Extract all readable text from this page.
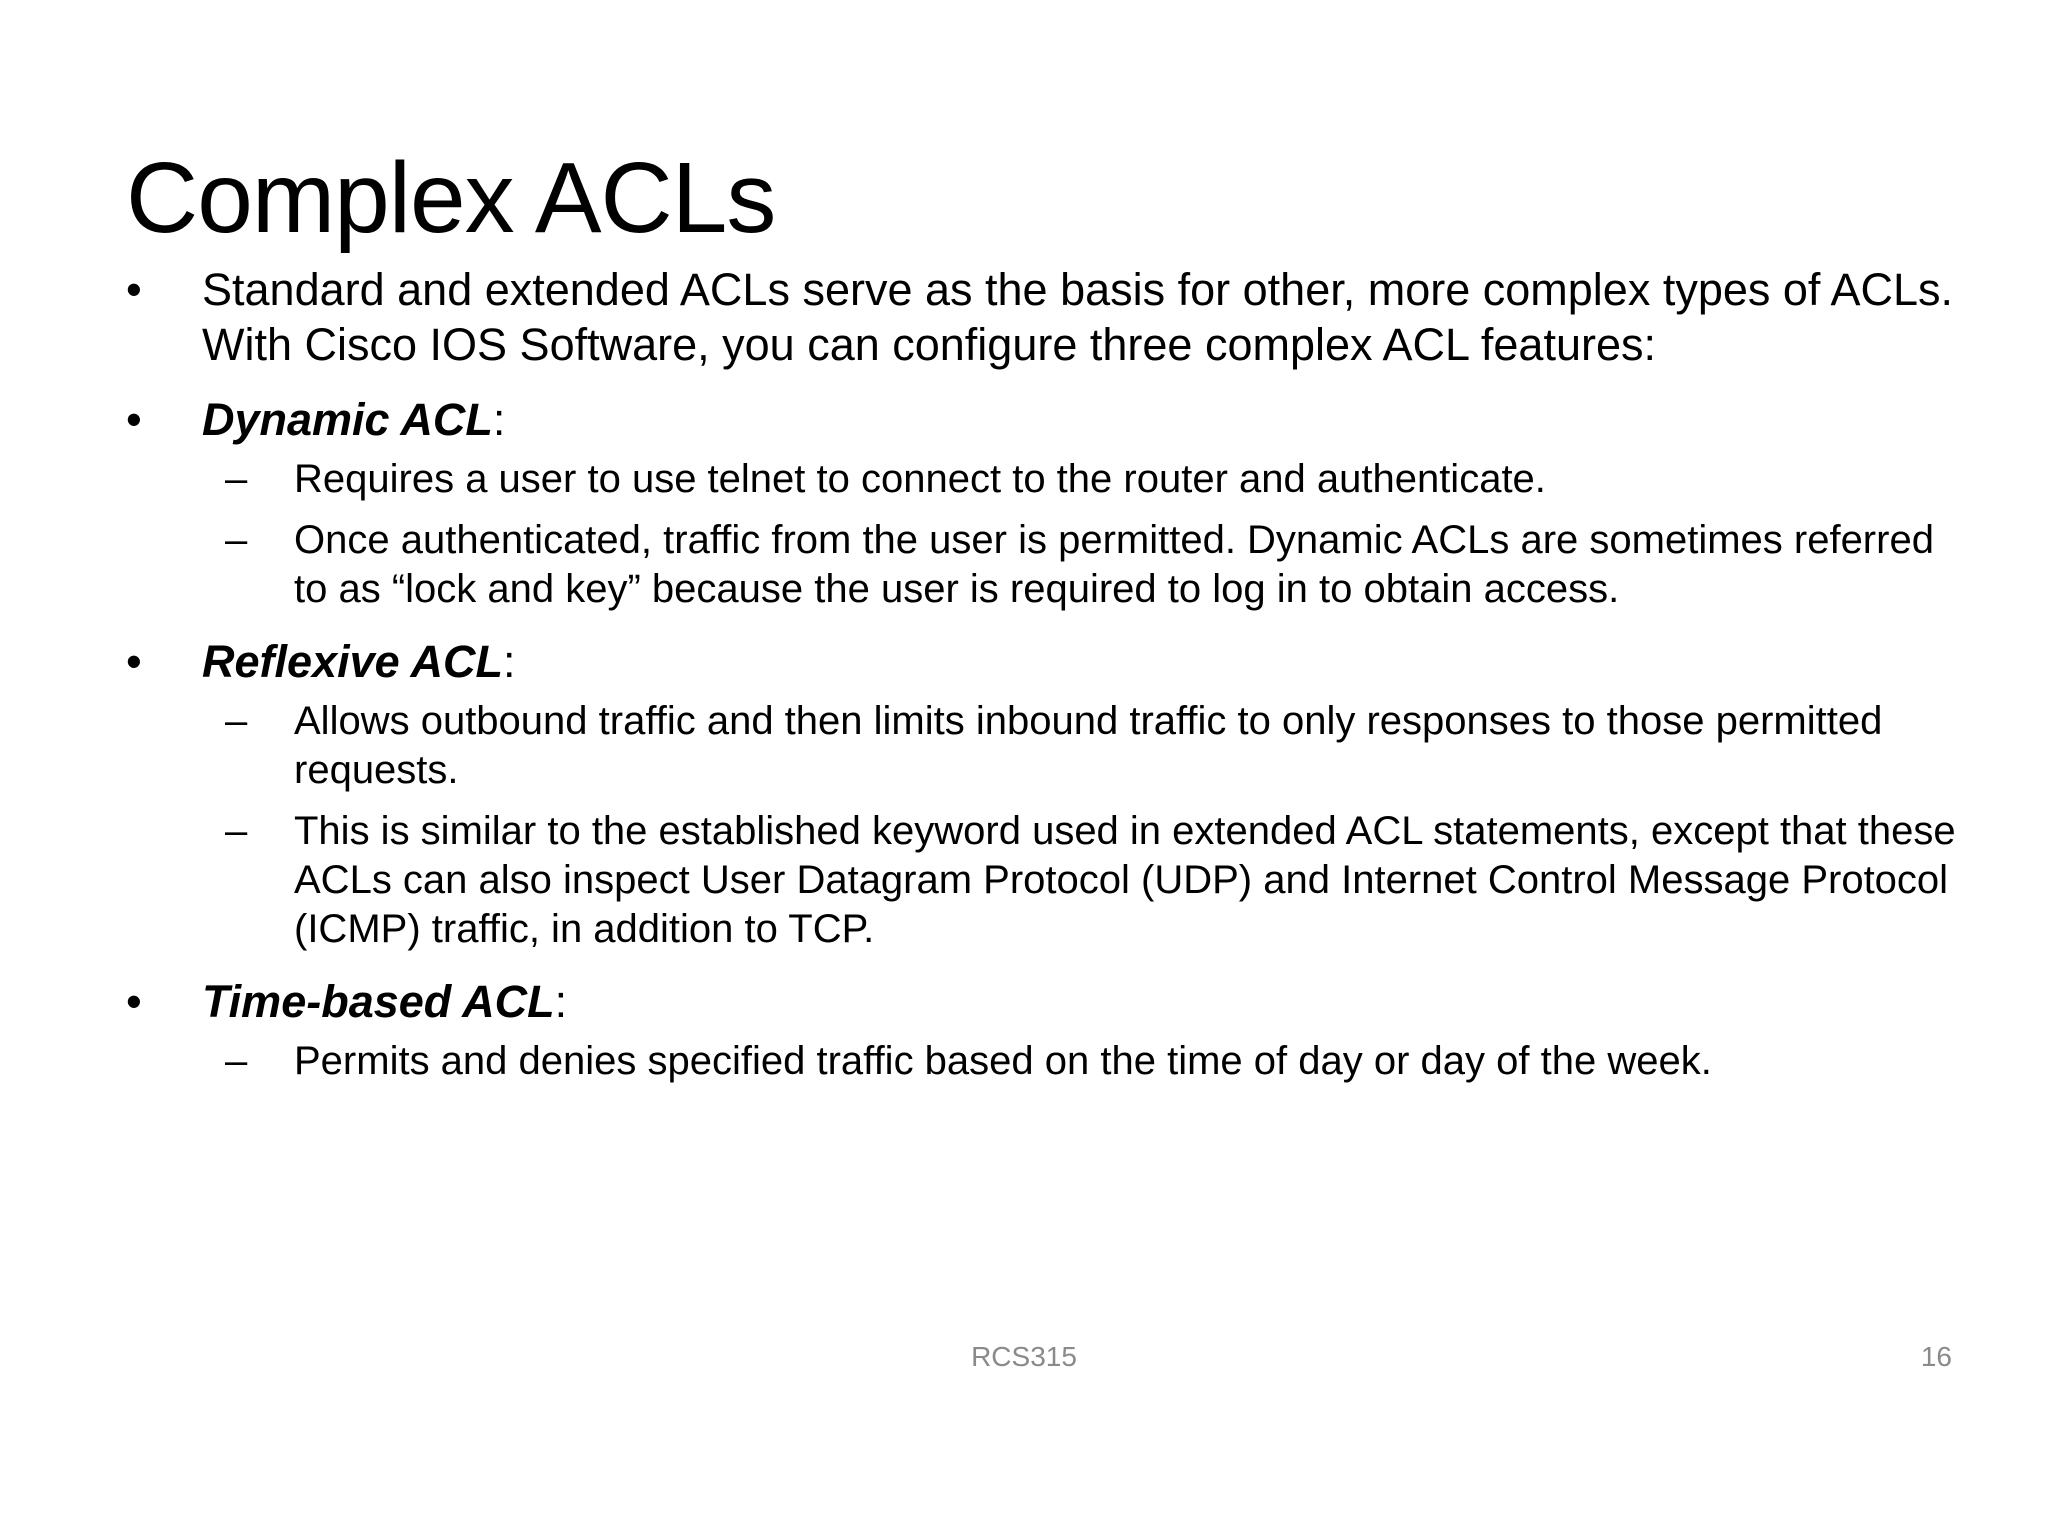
Complex ACLs
•	Standard and extended ACLs serve as the basis for other, more complex types of ACLs. With Cisco IOS Software, you can configure three complex ACL features:
•	Dynamic ACL:
– Requires a user to use telnet to connect to the router and authenticate.
– Once authenticated, traffic from the user is permitted. Dynamic ACLs are sometimes referred to as “lock and key” because the user is required to log in to obtain access.
•	Reflexive ACL:
– Allows outbound traffic and then limits inbound traffic to only responses to those permitted requests.
– This is similar to the established keyword used in extended ACL statements, except that these ACLs can also inspect User Datagram Protocol (UDP) and Internet Control Message Protocol (ICMP) traffic, in addition to TCP.
•	Time-based ACL:
– Permits and denies specified traffic based on the time of day or day of the week.
RCS315	16
